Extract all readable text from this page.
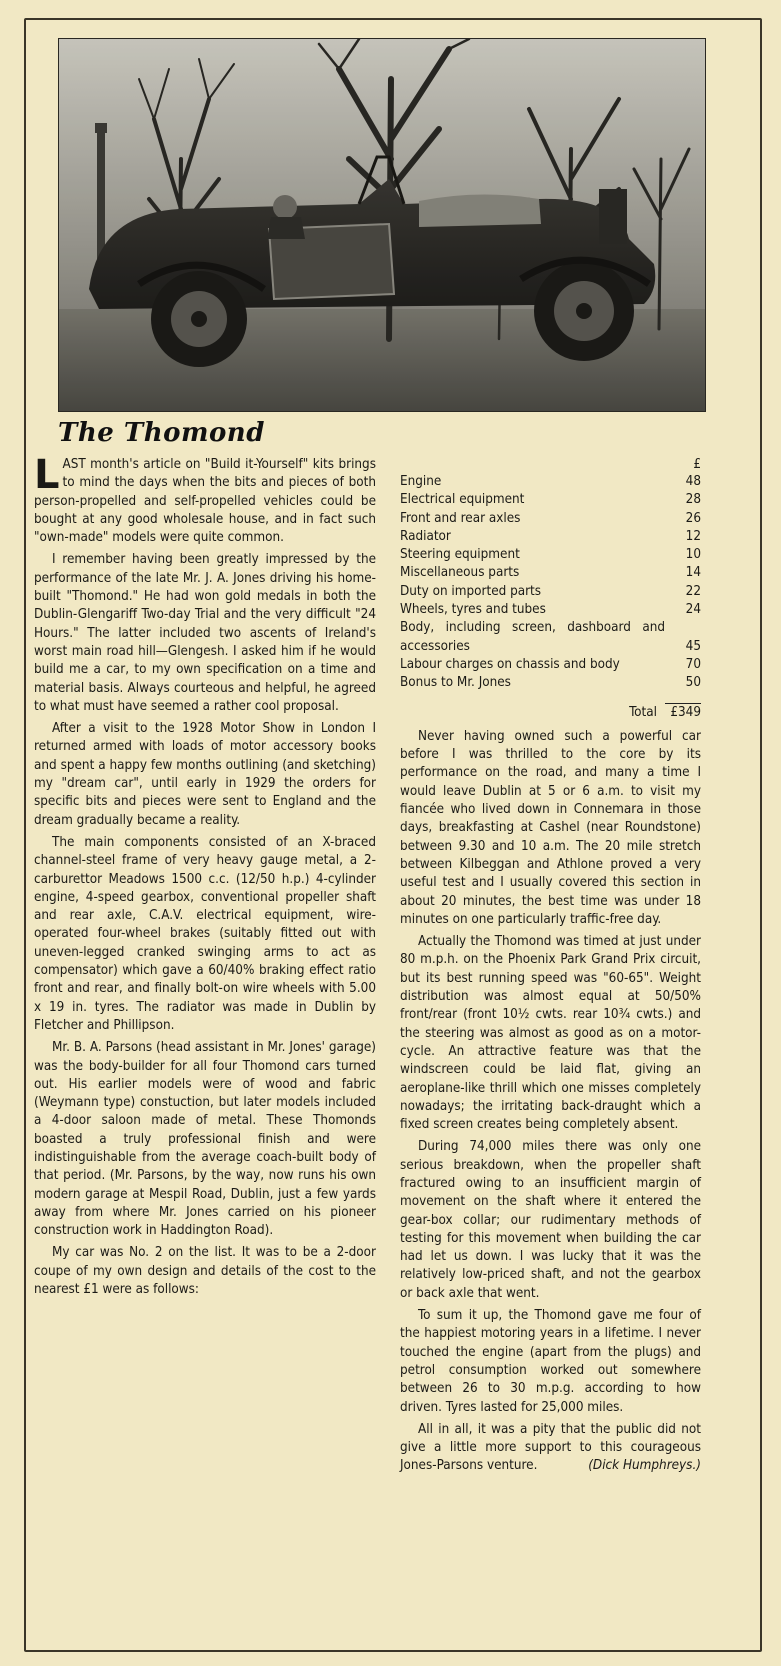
The Thomond

LAST month's article on "Build it-Yourself" kits brings to mind the days when the bits and pieces of both person-propelled and self-propelled vehicles could be bought at any good wholesale house, and in fact such "own-made" models were quite common.

I remember having been greatly impressed by the performance of the late Mr. J. A. Jones driving his home-built "Thomond." He had won gold medals in both the Dublin-Glengariff Two-day Trial and the very difficult "24 Hours." The latter included two ascents of Ireland's worst main road hill—Glengesh. I asked him if he would build me a car, to my own specification on a time and material basis. Always courteous and helpful, he agreed to what must have seemed a rather cool proposal.

After a visit to the 1928 Motor Show in London I returned armed with loads of motor accessory books and spent a happy few months outlining (and sketching) my "dream car", until early in 1929 the orders for specific bits and pieces were sent to England and the dream gradually became a reality.

The main components consisted of an X-braced channel-steel frame of very heavy gauge metal, a 2-carburettor Meadows 1500 c.c. (12/50 h.p.) 4-cylinder engine, 4-speed gearbox, conventional propeller shaft and rear axle, C.A.V. electrical equipment, wire-operated four-wheel brakes (suitably fitted out with uneven-legged cranked swinging arms to act as compensator) which gave a 60/40% braking effect ratio front and rear, and finally bolt-on wire wheels with 5.00 x 19 in. tyres. The radiator was made in Dublin by Fletcher and Phillipson.

Mr. B. A. Parsons (head assistant in Mr. Jones' garage) was the body-builder for all four Thomond cars turned out. His earlier models were of wood and fabric (Weymann type) constuction, but later models included a 4-door saloon made of metal. These Thomonds boasted a truly professional finish and were indistinguishable from the average coach-built body of that period. (Mr. Parsons, by the way, now runs his own modern garage at Mespil Road, Dublin, just a few yards away from where Mr. Jones carried on his pioneer construction work in Haddington Road).

My car was No. 2 on the list. It was to be a 2-door coupe of my own design and details of the cost to the nearest £1 were as follows:

	£
Engine	48
Electrical equipment	28
Front and rear axles	26
Radiator	12
Steering equipment	10
Miscellaneous parts	14
Duty on imported parts	22
Wheels, tyres and tubes	24
Body, including screen, dashboard and accessories	45
Labour charges on chassis and body	70
Bonus to Mr. Jones	50
Total	£349

Never having owned such a powerful car before I was thrilled to the core by its performance on the road, and many a time I would leave Dublin at 5 or 6 a.m. to visit my fiancée who lived down in Connemara in those days, breakfasting at Cashel (near Roundstone) between 9.30 and 10 a.m. The 20 mile stretch between Kilbeggan and Athlone proved a very useful test and I usually covered this section in about 20 minutes, the best time was under 18 minutes on one particularly traffic-free day.

Actually the Thomond was timed at just under 80 m.p.h. on the Phoenix Park Grand Prix circuit, but its best running speed was "60-65". Weight distribution was almost equal at 50/50% front/rear (front 10½ cwts. rear 10¾ cwts.) and the steering was almost as good as on a motor-cycle. An attractive feature was that the windscreen could be laid flat, giving an aeroplane-like thrill which one misses completely nowadays; the irritating back-draught which a fixed screen creates being completely absent.

During 74,000 miles there was only one serious breakdown, when the propeller shaft fractured owing to an insufficient margin of movement on the shaft where it entered the gear-box collar; our rudimentary methods of testing for this movement when building the car had let us down. I was lucky that it was the relatively low-priced shaft, and not the gearbox or back axle that went.

To sum it up, the Thomond gave me four of the happiest motoring years in a lifetime. I never touched the engine (apart from the plugs) and petrol consumption worked out somewhere between 26 to 30 m.p.g. according to how driven. Tyres lasted for 25,000 miles.

All in all, it was a pity that the public did not give a little more support to this courageous Jones-Parsons venture.	(Dick Humphreys.)
